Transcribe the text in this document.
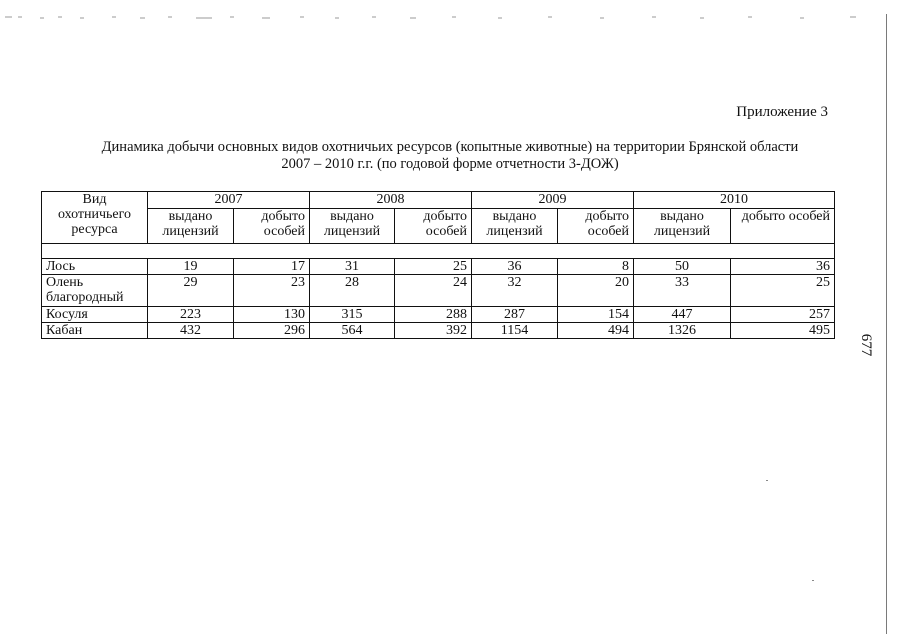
Приложение 3
Динамика добычи основных видов охотничьих ресурсов (копытные животные) на территории Брянской области
2007 – 2010 г.г. (по годовой форме отчетности 3-ДОЖ)
Вид охотничьего ресурса	2007		2008		2009		2010	
	выдано лицензий	добыто особей	выдано лицензий	добыто особей	выдано лицензий	добыто особей	выдано лицензий	добыто особей

Лось	19	17	31	25	36	8	50	36
Олень благородный	29	23	28	24	32	20	33	25
Косуля	223	130	315	288	287	154	447	257
Кабан	432	296	564	392	1154	494	1326	495
677
